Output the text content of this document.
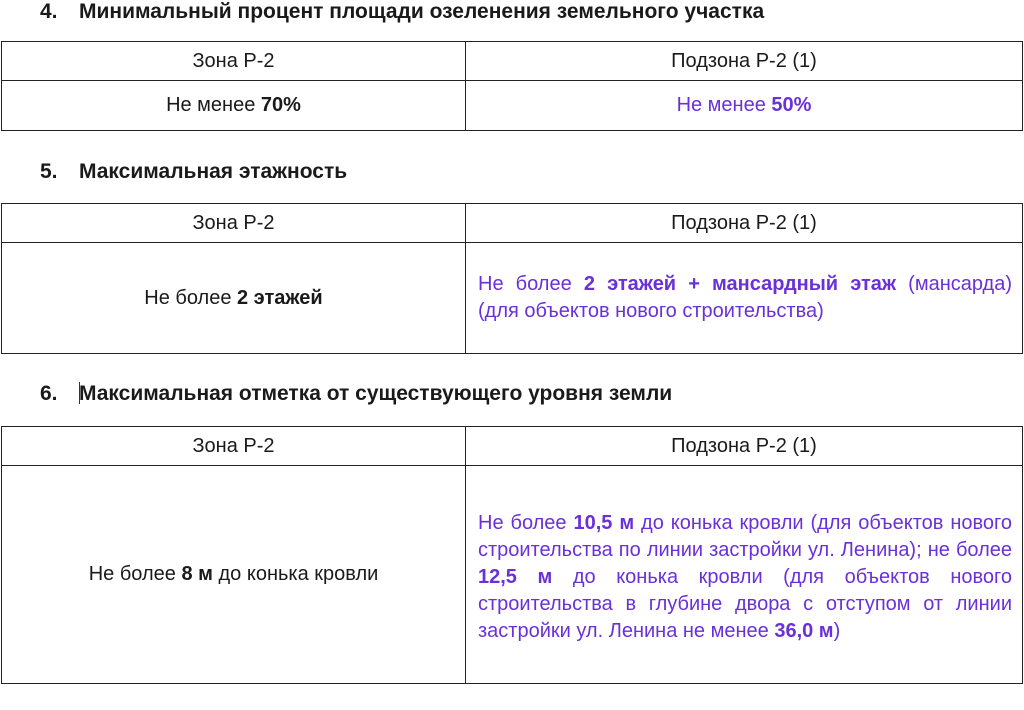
4. Минимальный процент площади озеленения земельного участка
Зона Р-2	Подзона Р-2 (1)
Не менее 70%	Не менее 50%
5. Максимальная этажность
Зона Р-2	Подзона Р-2 (1)
Не более 2 этажей	Не более 2 этажей + мансардный этаж (мансарда) (для объектов нового строительства)
6. Максимальная отметка от существующего уровня земли
Зона Р-2	Подзона Р-2 (1)
Не более 8 м до конька кровли	Не более 10,5 м до конька кровли (для объектов нового строительства по линии застройки ул. Ленина); не более 12,5 м до конька кровли (для объектов нового строительства в глубине двора с отступом от линии застройки ул. Ленина не менее 36,0 м)
